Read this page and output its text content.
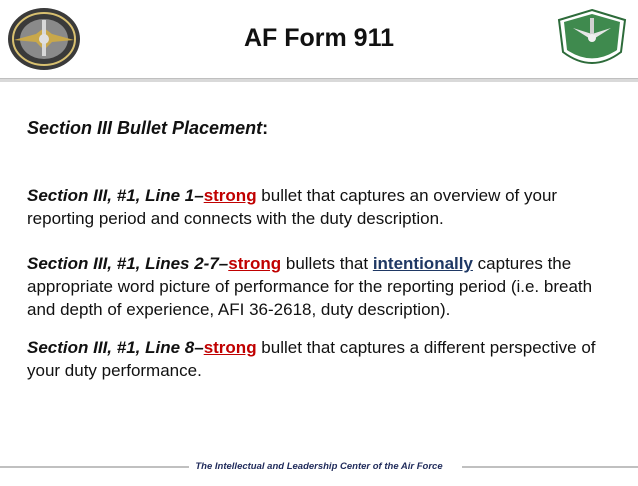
AF Form 911
Section III Bullet Placement:
Section III, #1, Line 1–strong bullet that captures an overview of your reporting period and connects with the duty description.
Section III, #1, Lines 2-7–strong bullets that intentionally captures the appropriate word picture of performance for the reporting period (i.e. breath and depth of experience, AFI 36-2618, duty description).
Section III, #1, Line 8–strong bullet that captures a different perspective of your duty performance.
The Intellectual and Leadership Center of the Air Force
